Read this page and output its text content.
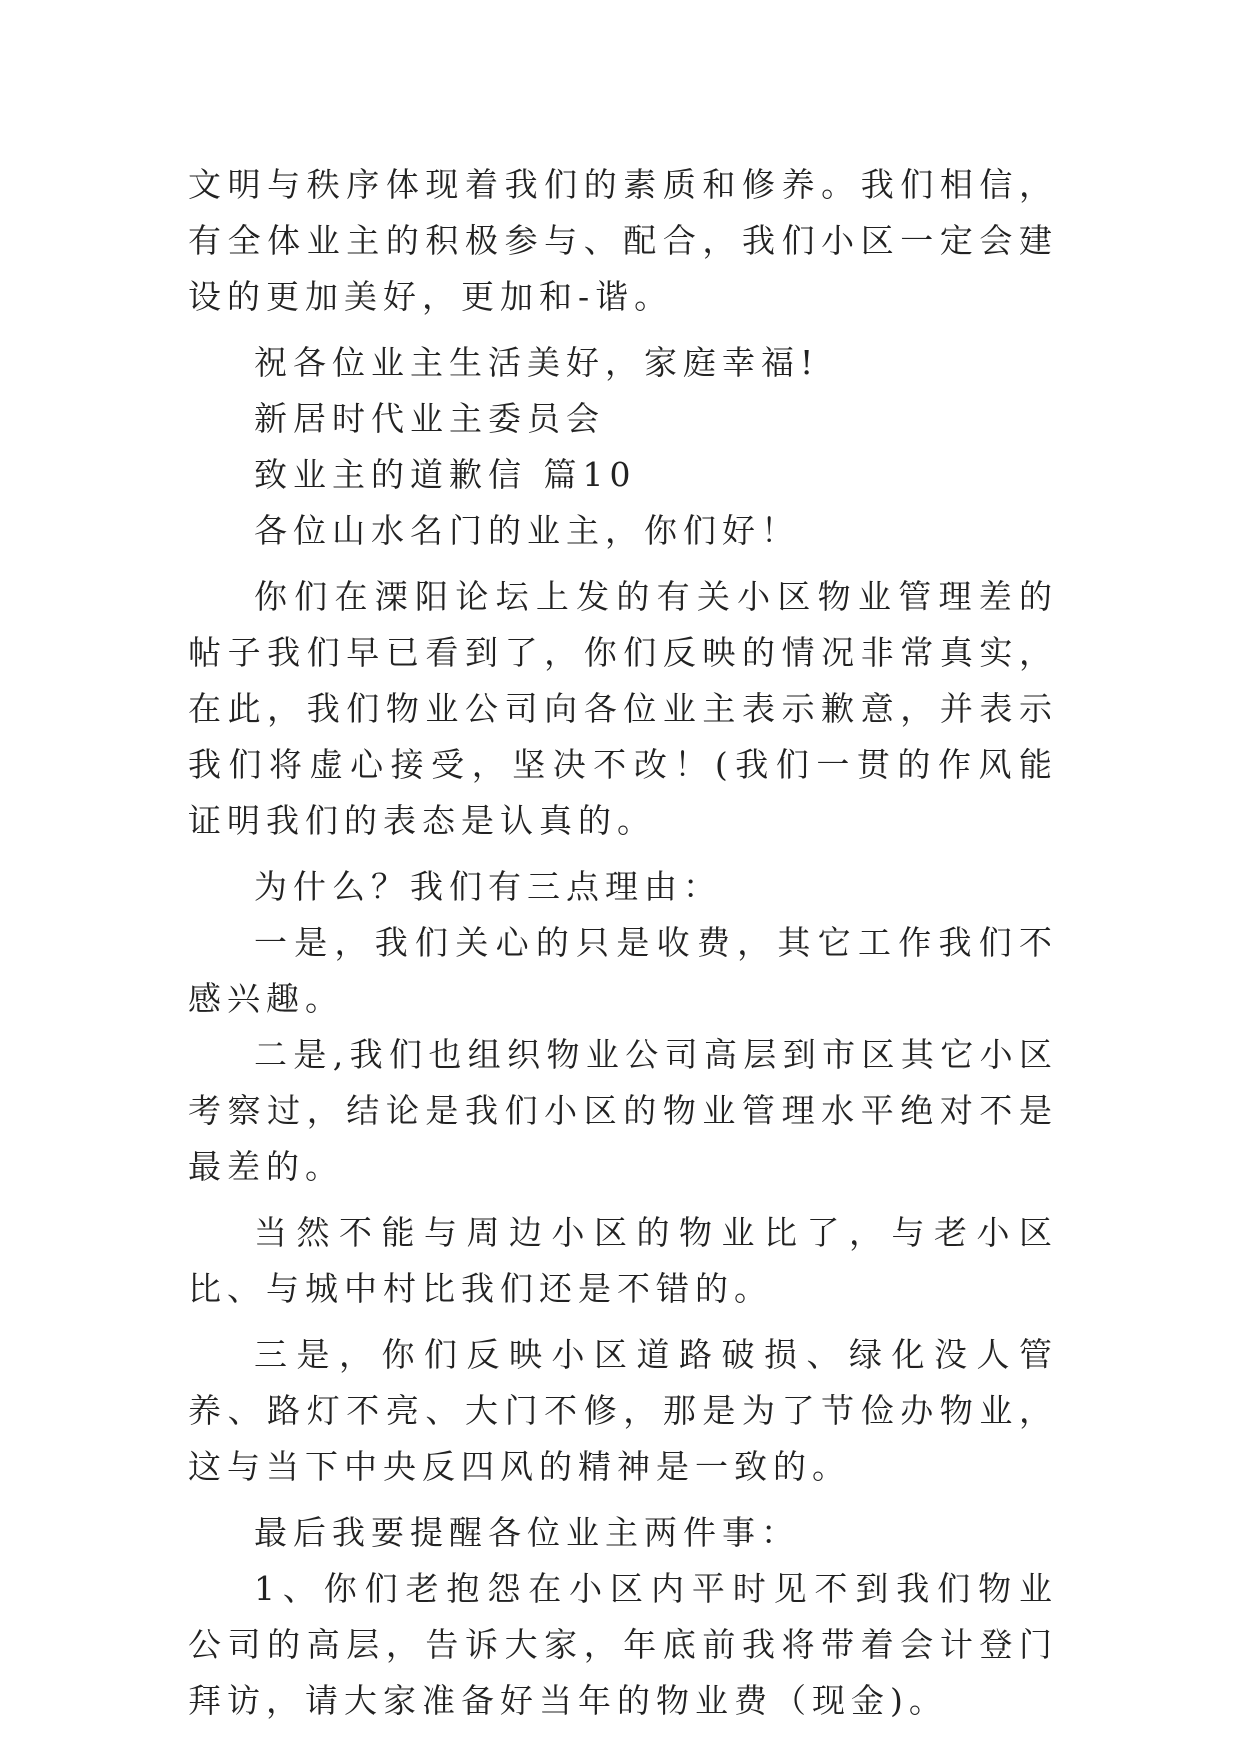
文明与秩序体现着我们的素质和修养。我们相信，有全体业主的积极参与、配合，我们小区一定会建设的更加美好，更加和-谐。

祝各位业主生活美好，家庭幸福!

新居时代业主委员会

致业主的道歉信 篇10

各位山水名门的业主，你们好！

你们在溧阳论坛上发的有关小区物业管理差的帖子我们早已看到了，你们反映的情况非常真实，在此，我们物业公司向各位业主表示歉意，并表示我们将虚心接受，坚决不改！(我们一贯的作风能证明我们的表态是认真的。

为什么？我们有三点理由：

一是，我们关心的只是收费，其它工作我们不感兴趣。

二是,我们也组织物业公司高层到市区其它小区考察过，结论是我们小区的物业管理水平绝对不是最差的。

当然不能与周边小区的物业比了，与老小区比、与城中村比我们还是不错的。

三是，你们反映小区道路破损、绿化没人管养、路灯不亮、大门不修，那是为了节俭办物业，这与当下中央反四风的精神是一致的。

最后我要提醒各位业主两件事：

1、你们老抱怨在小区内平时见不到我们物业公司的高层，告诉大家，年底前我将带着会计登门拜访，请大家准备好当年的物业费（现金)。
